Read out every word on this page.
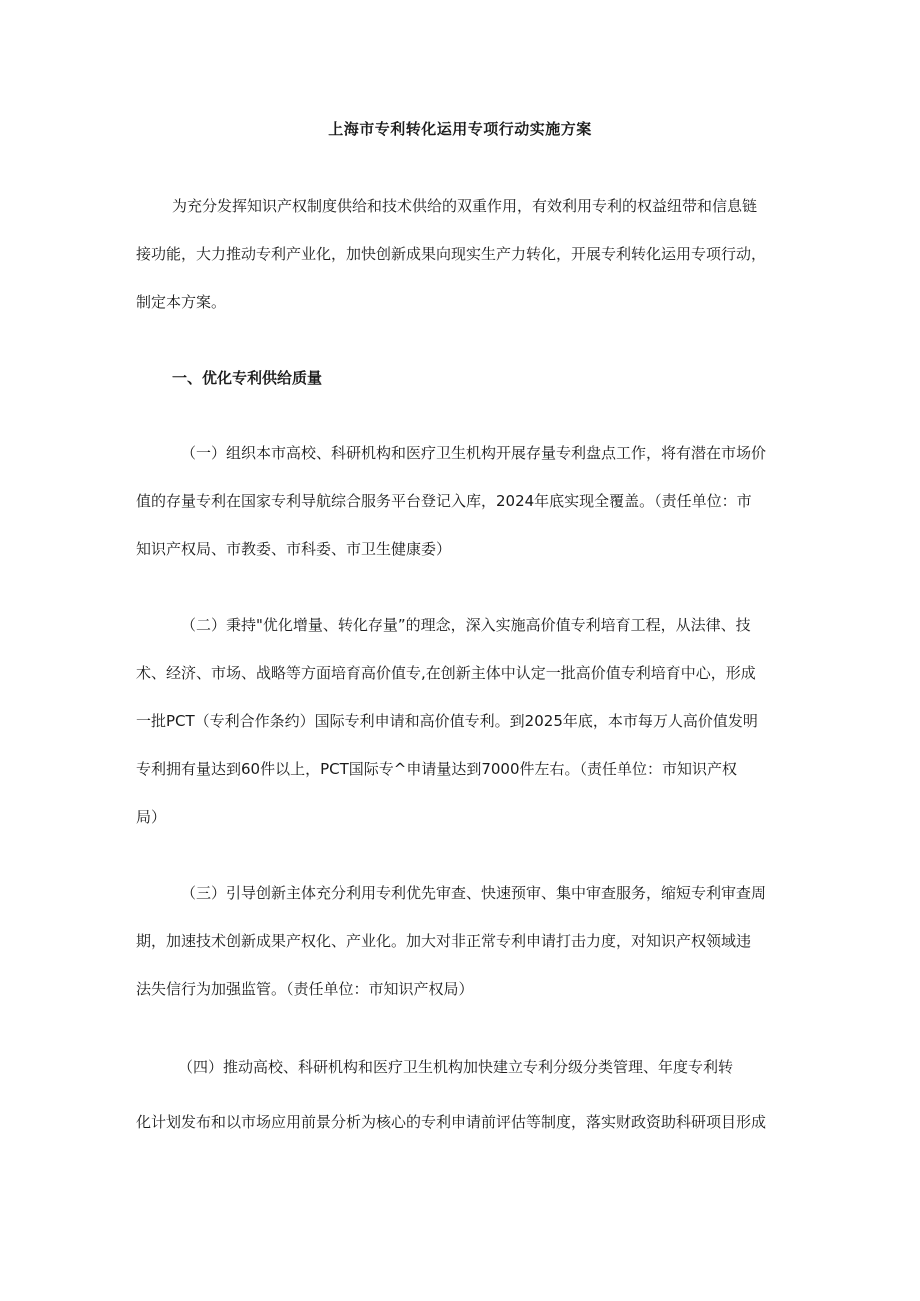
上海市专利转化运用专项行动实施方案
为充分发挥知识产权制度供给和技术供给的双重作用，有效利用专利的权益纽带和信息链
接功能，大力推动专利产业化，加快创新成果向现实生产力转化，开展专利转化运用专项行动，
制定本方案。
一、优化专利供给质量
（一）组织本市高校、科研机构和医疗卫生机构开展存量专利盘点工作，将有潜在市场价
值的存量专利在国家专利导航综合服务平台登记入库，2024年底实现全覆盖。（责任单位：市
知识产权局、市教委、市科委、市卫生健康委）
（二）秉持"优化增量、转化存量”的理念，深入实施高价值专利培育工程，从法律、技
术、经济、市场、战略等方面培育高价值专,在创新主体中认定一批高价值专利培育中心，形成
一批PCT（专利合作条约）国际专利申请和高价值专利。到2025年底，本市每万人高价值发明
专利拥有量达到60件以上，PCT国际专^申请量达到7000件左右。（责任单位：市知识产权
局）
（三）引导创新主体充分利用专利优先审查、快速预审、集中审查服务，缩短专利审查周
期，加速技术创新成果产权化、产业化。加大对非正常专利申请打击力度，对知识产权领域违
法失信行为加强监管。（责任单位：市知识产权局）
（四）推动高校、科研机构和医疗卫生机构加快建立专利分级分类管理、年度专利转
化计划发布和以市场应用前景分析为核心的专利申请前评估等制度，落实财政资助科研项目形成
